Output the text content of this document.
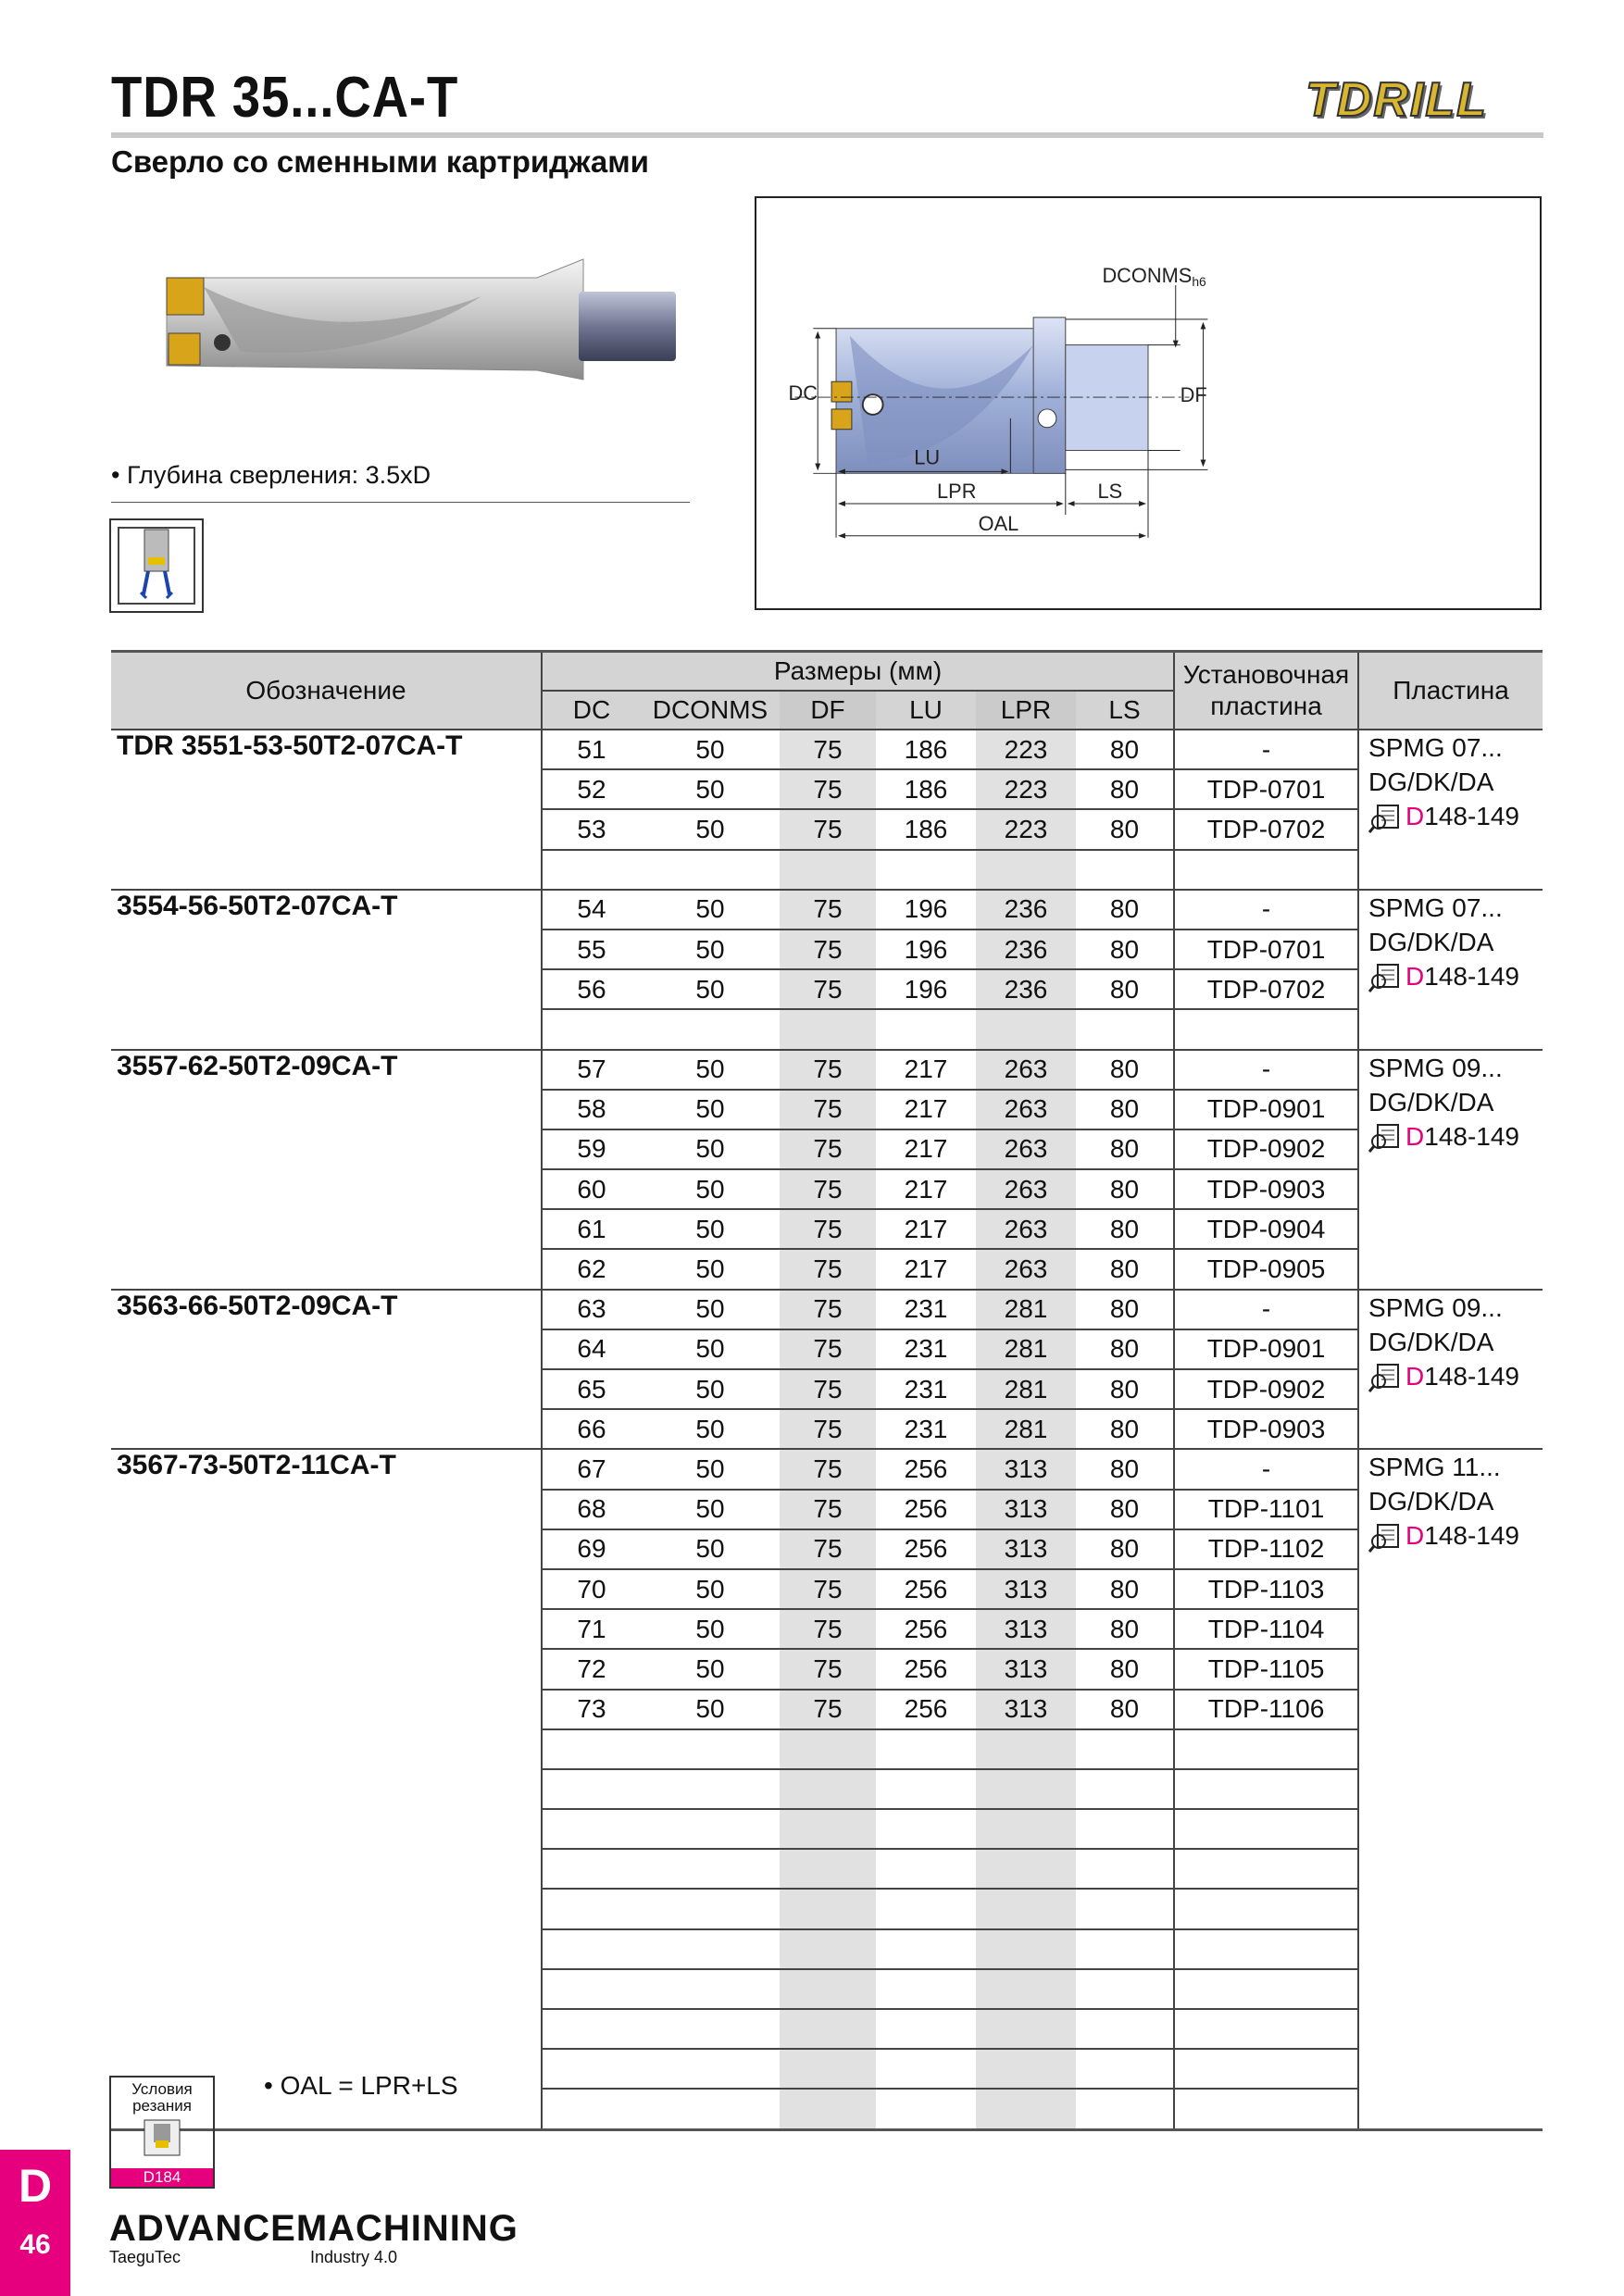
TDR 35...CA-T	TDRILL
Сверло со сменными картриджами
• Глубина сверления: 3.5xD
DC	DF
DCONMSh6
LU
LPR	LS
OAL
Обозначение	Размеры (мм)						Установочная пластина	Пластина
	DC	DCONMS	DF	LU	LPR	LS		
TDR 3551-53-50T2-07CA-T	51	50	75	186	223	80	-	SPMG 07...
DG/DK/DA
D148-149

	52	50	75	186	223	80	TDP-0701	
	53	50	75	186	223	80	TDP-0702	

3554-56-50T2-07CA-T	54	50	75	196	236	80	-	SPMG 07...
DG/DK/DA
D148-149

	55	50	75	196	236	80	TDP-0701	
	56	50	75	196	236	80	TDP-0702	

3557-62-50T2-09CA-T	57	50	75	217	263	80	-	SPMG 09...
DG/DK/DA
D148-149

	58	50	75	217	263	80	TDP-0901	
	59	50	75	217	263	80	TDP-0902	
	60	50	75	217	263	80	TDP-0903	
	61	50	75	217	263	80	TDP-0904	
	62	50	75	217	263	80	TDP-0905	
3563-66-50T2-09CA-T	63	50	75	231	281	80	-	SPMG 09...
DG/DK/DA
D148-149

	64	50	75	231	281	80	TDP-0901	
	65	50	75	231	281	80	TDP-0902	
	66	50	75	231	281	80	TDP-0903	
3567-73-50T2-11CA-T	67	50	75	256	313	80	-	SPMG 11...
DG/DK/DA
D148-149

	68	50	75	256	313	80	TDP-1101	
	69	50	75	256	313	80	TDP-1102	
	70	50	75	256	313	80	TDP-1103	
	71	50	75	256	313	80	TDP-1104	
	72	50	75	256	313	80	TDP-1105	
	73	50	75	256	313	80	TDP-1106	

Условия резания
D184
• OAL = LPR+LS
D
46	ADVANCEMACHINING
TaeguTec	Industry 4.0
